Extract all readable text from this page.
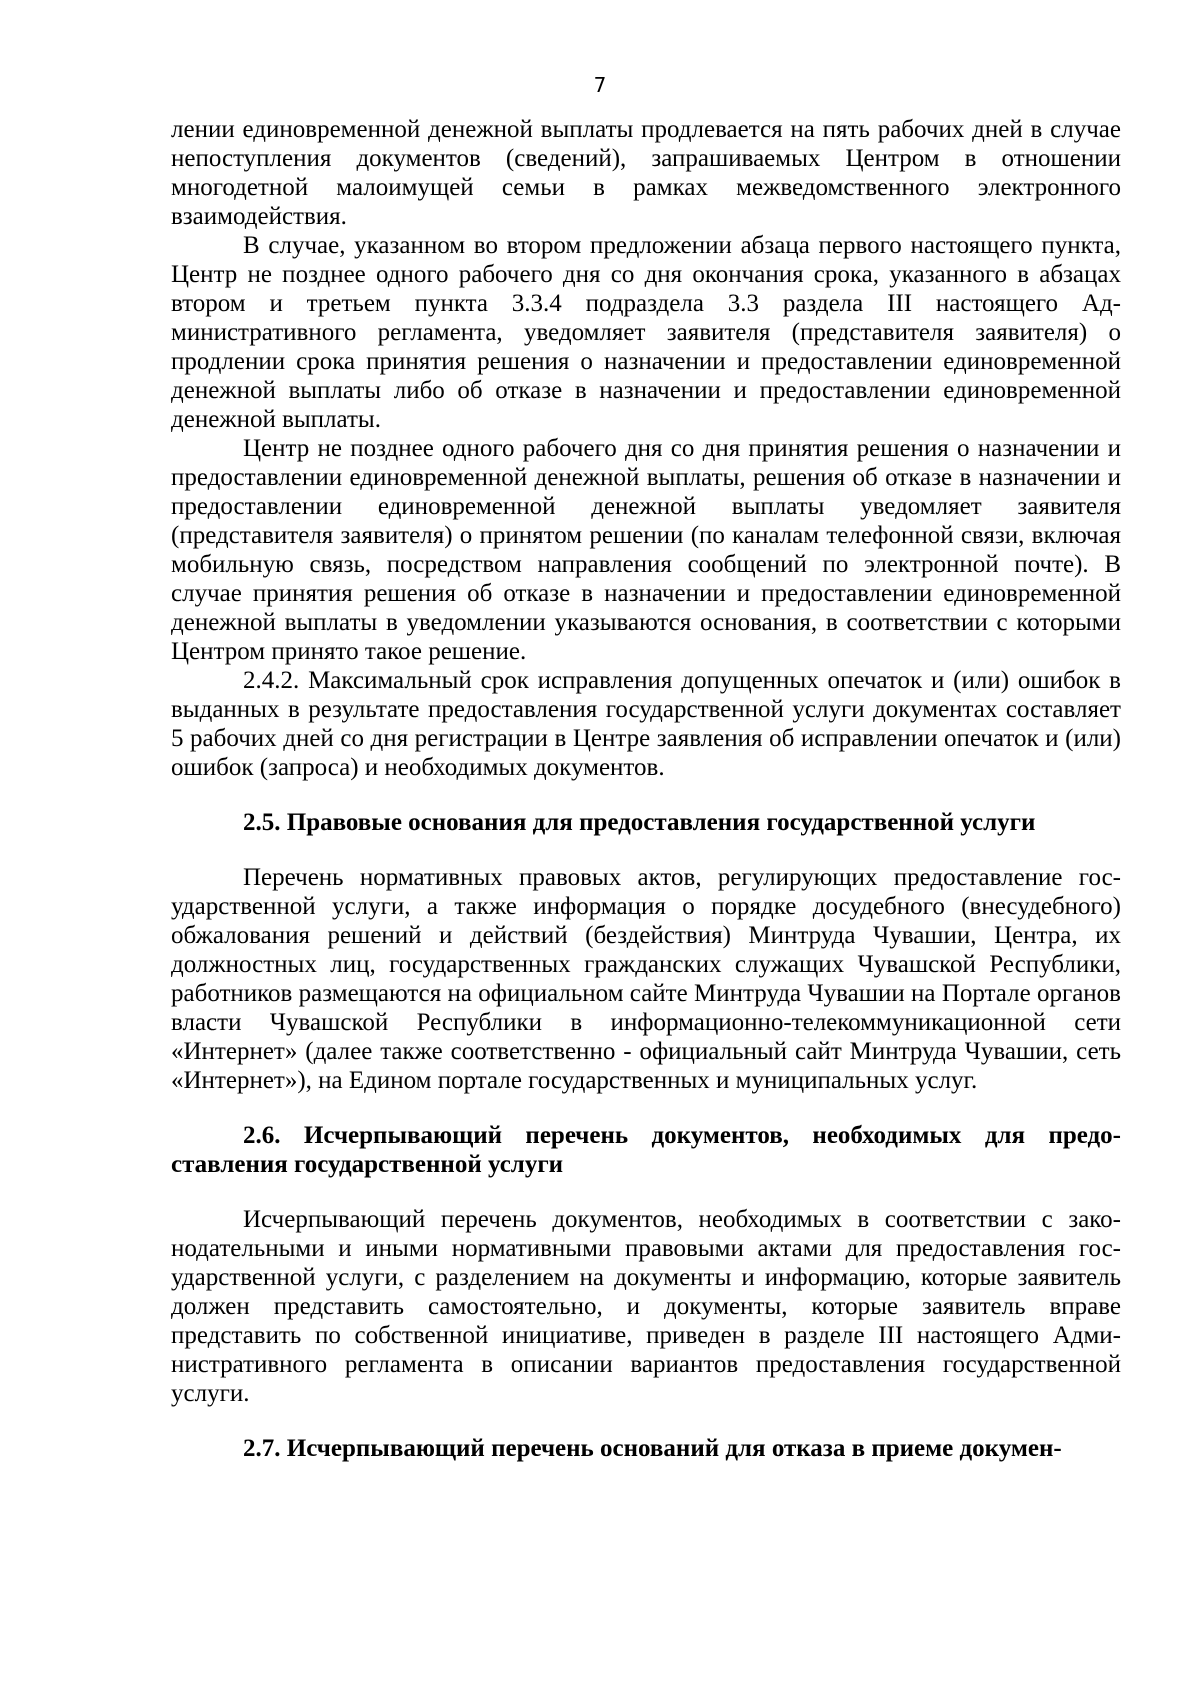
7

лении единовременной денежной выплаты продлевается на пять рабочих дней в случае непоступления документов (сведений), запрашиваемых Центром в отношении многодетной малоимущей семьи в рамках межведомственного электронного взаимодействия.

В случае, указанном во втором предложении абзаца первого настоящего пункта, Центр не позднее одного рабочего дня со дня окончания срока, указанного в абзацах втором и третьем пункта 3.3.4 подраздела 3.3 раздела III настоящего Административного регламента, уведомляет заявителя (представителя заявителя) о продлении срока принятия решения о назначении и предоставлении единовременной денежной выплаты либо об отказе в назначении и предоставлении единовременной денежной выплаты.

Центр не позднее одного рабочего дня со дня принятия решения о назначении и предоставлении единовременной денежной выплаты, решения об отказе в назначении и предоставлении единовременной денежной выплаты уведомляет заявителя (представителя заявителя) о принятом решении (по каналам телефонной связи, включая мобильную связь, посредством направления сообщений по электронной почте). В случае принятия решения об отказе в назначении и предоставлении единовременной денежной выплаты в уведомлении указываются основания, в соответствии с которыми Центром принято такое решение.

2.4.2. Максимальный срок исправления допущенных опечаток и (или) ошибок в выданных в результате предоставления государственной услуги документах составляет 5 рабочих дней со дня регистрации в Центре заявления об исправлении опечаток и (или) ошибок (запроса) и необходимых документов.

2.5. Правовые основания для предоставления государственной услуги

Перечень нормативных правовых актов, регулирующих предоставление государственной услуги, а также информация о порядке досудебного (внесудебного) обжалования решений и действий (бездействия) Минтруда Чувашии, Центра, их должностных лиц, государственных гражданских служащих Чувашской Республики, работников размещаются на официальном сайте Минтруда Чувашии на Портале органов власти Чувашской Республики в информационно-телекоммуникационной сети «Интернет» (далее также соответственно - официальный сайт Минтруда Чувашии, сеть «Интернет»), на Едином портале государственных и муниципальных услуг.

2.6. Исчерпывающий перечень документов, необходимых для предоставления государственной услуги

Исчерпывающий перечень документов, необходимых в соответствии с законодательными и иными нормативными правовыми актами для предоставления государственной услуги, с разделением на документы и информацию, которые заявитель должен представить самостоятельно, и документы, которые заявитель вправе представить по собственной инициативе, приведен в разделе III настоящего Административного регламента в описании вариантов предоставления государственной услуги.

2.7. Исчерпывающий перечень оснований для отказа в приеме докумен-
